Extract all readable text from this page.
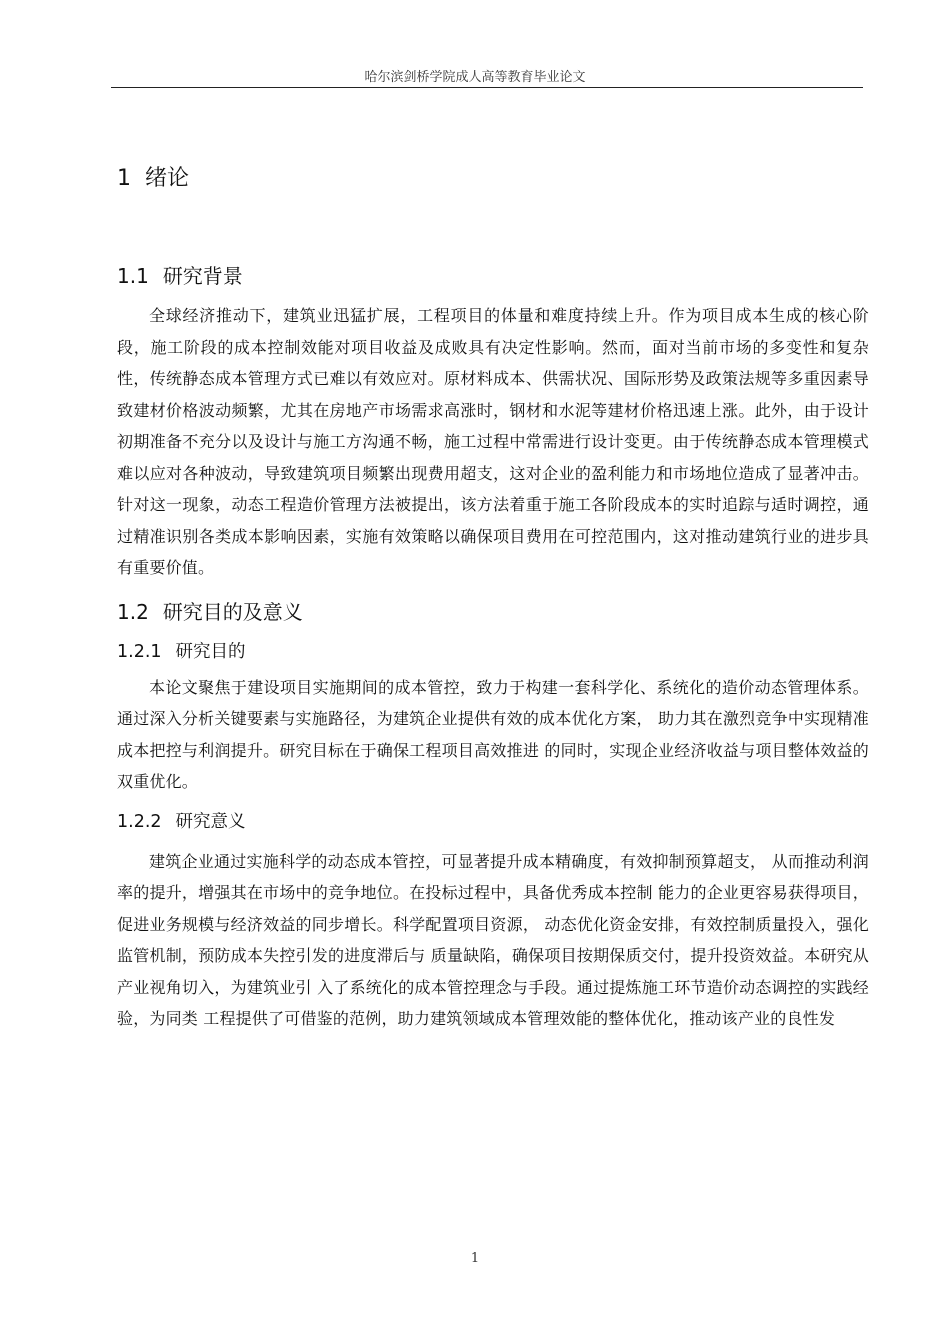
哈尔滨剑桥学院成人高等教育毕业论文
1 绪论
1.1 研究背景

全球经济推动下，建筑业迅猛扩展，工程项目的体量和难度持续上升。作为项目成本生成的核心阶段，施工阶段的成本控制效能对项目收益及成败具有决定性影响。然而，面对当前市场的多变性和复杂性，传统静态成本管理方式已难以有效应对。原材料成本、供需状况、国际形势及政策法规等多重因素导致建材价格波动频繁，尤其在房地产市场需求高涨时，钢材和水泥等建材价格迅速上涨。此外，由于设计初期准备不充分以及设计与施工方沟通不畅，施工过程中常需进行设计变更。由于传统静态成本管理模式难以应对各种波动，导致建筑项目频繁出现费用超支，这对企业的盈利能力和市场地位造成了显著冲击。针对这一现象，动态工程造价管理方法被提出，该方法着重于施工各阶段成本的实时追踪与适时调控，通过精准识别各类成本影响因素，实施有效策略以确保项目费用在可控范围内，这对推动建筑行业的进步具有重要价值。

1.2 研究目的及意义
1.2.1 研究目的

本论文聚焦于建设项目实施期间的成本管控，致力于构建一套科学化、系统化的造价动态管理体系。通过深入分析关键要素与实施路径，为建筑企业提供有效的成本优化方案， 助力其在激烈竞争中实现精准成本把控与利润提升。研究目标在于确保工程项目高效推进 的同时，实现企业经济收益与项目整体效益的双重优化。

1.2.2 研究意义

建筑企业通过实施科学的动态成本管控，可显著提升成本精确度，有效抑制预算超支， 从而推动利润率的提升，增强其在市场中的竞争地位。在投标过程中，具备优秀成本控制 能力的企业更容易获得项目，促进业务规模与经济效益的同步增长。科学配置项目资源， 动态优化资金安排，有效控制质量投入，强化监管机制，预防成本失控引发的进度滞后与 质量缺陷，确保项目按期保质交付，提升投资效益。本研究从产业视角切入，为建筑业引 入了系统化的成本管控理念与手段。通过提炼施工环节造价动态调控的实践经验，为同类 工程提供了可借鉴的范例，助力建筑领域成本管理效能的整体优化，推动该产业的良性发

1
